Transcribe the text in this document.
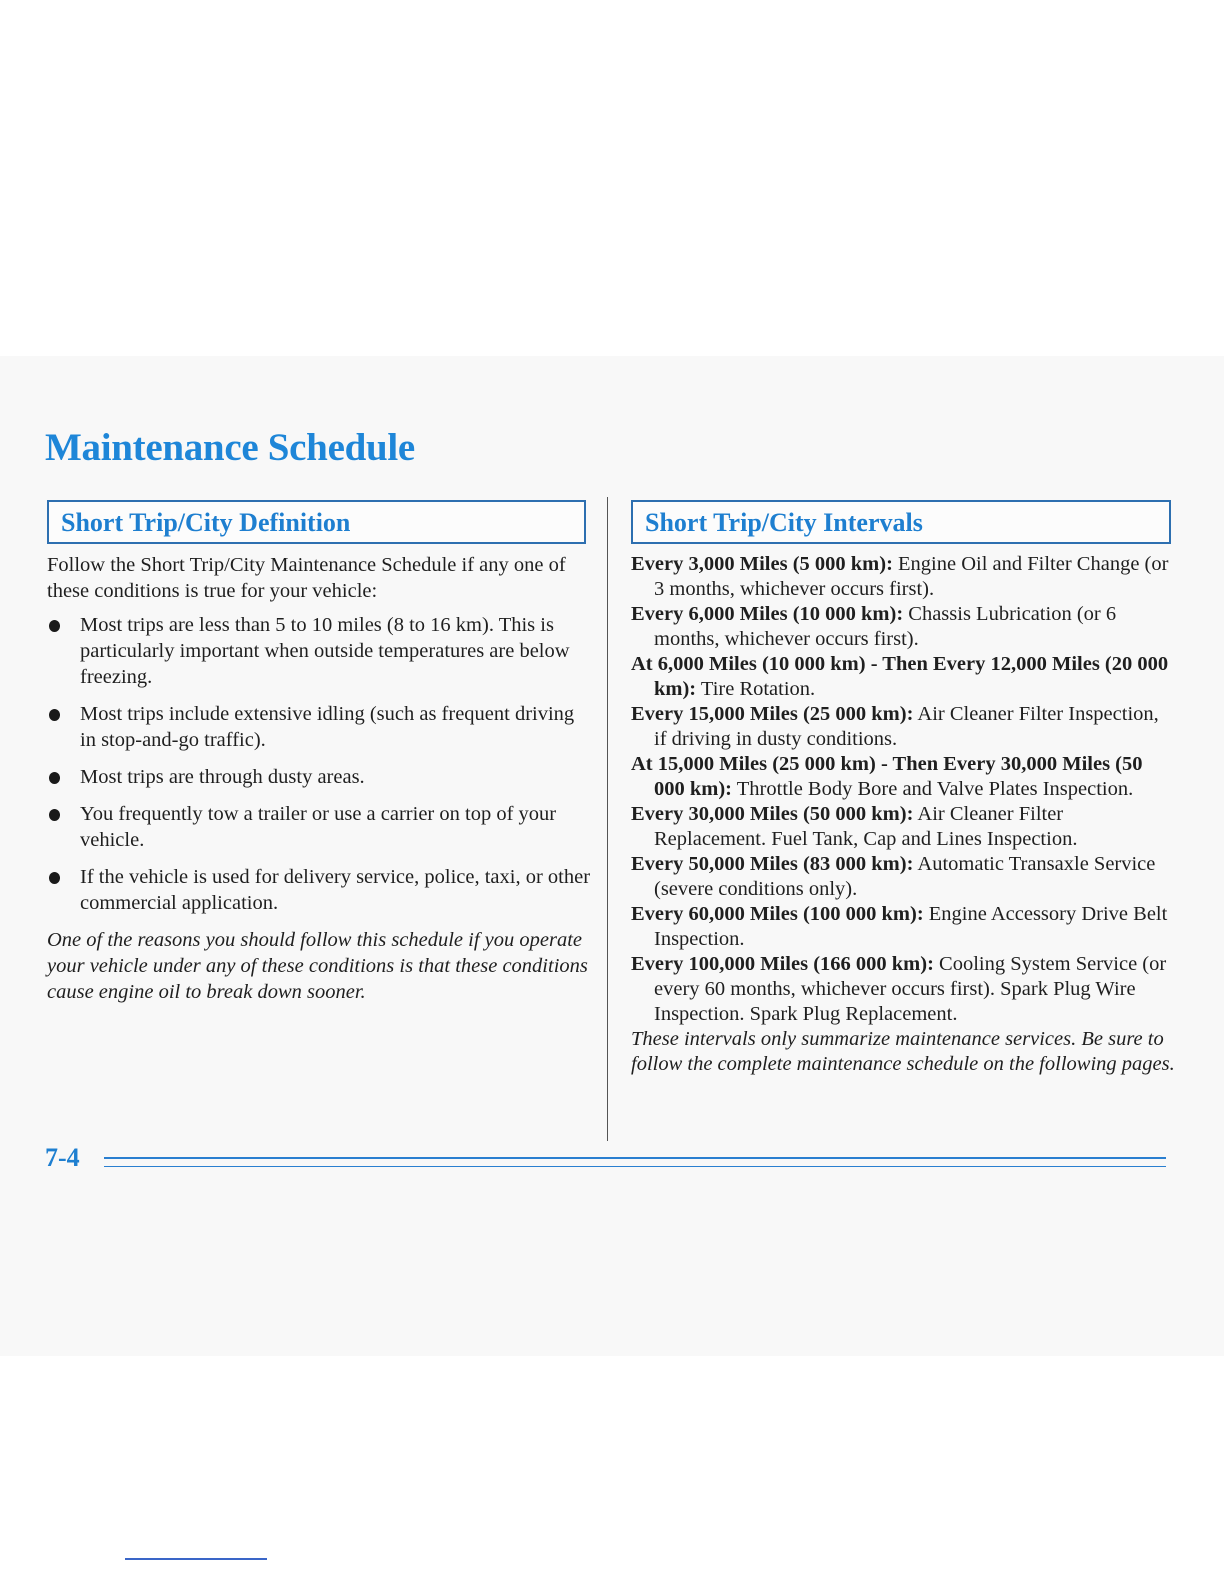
Maintenance Schedule
Short Trip/City Definition	Short Trip/City Intervals

Follow the Short Trip/City Maintenance Schedule if any one of these conditions is true for your vehicle:

Most trips are less than 5 to 10 miles (8 to 16 km). This is particularly important when outside temperatures are below freezing.
Most trips include extensive idling (such as frequent driving in stop-and-go traffic).
Most trips are through dusty areas.
You frequently tow a trailer or use a carrier on top of your vehicle.
If the vehicle is used for delivery service, police, taxi, or other commercial application.

One of the reasons you should follow this schedule if you operate your vehicle under any of these conditions is that these conditions cause engine oil to break down sooner.

Every 3,000 Miles (5 000 km): Engine Oil and Filter Change (or 3 months, whichever occurs first).

Every 6,000 Miles (10 000 km): Chassis Lubrication (or 6 months, whichever occurs first).

At 6,000 Miles (10 000 km) - Then Every 12,000 Miles (20 000 km): Tire Rotation.

Every 15,000 Miles (25 000 km): Air Cleaner Filter Inspection, if driving in dusty conditions.

At 15,000 Miles (25 000 km) - Then Every 30,000 Miles (50 000 km): Throttle Body Bore and Valve Plates Inspection.

Every 30,000 Miles (50 000 km): Air Cleaner Filter Replacement. Fuel Tank, Cap and Lines Inspection.

Every 50,000 Miles (83 000 km): Automatic Transaxle Service (severe conditions only).

Every 60,000 Miles (100 000 km): Engine Accessory Drive Belt Inspection.

Every 100,000 Miles (166 000 km): Cooling System Service (or every 60 months, whichever occurs first). Spark Plug Wire Inspection. Spark Plug Replacement.

These intervals only summarize maintenance services. Be sure to follow the complete maintenance schedule on the following pages.

7-4
